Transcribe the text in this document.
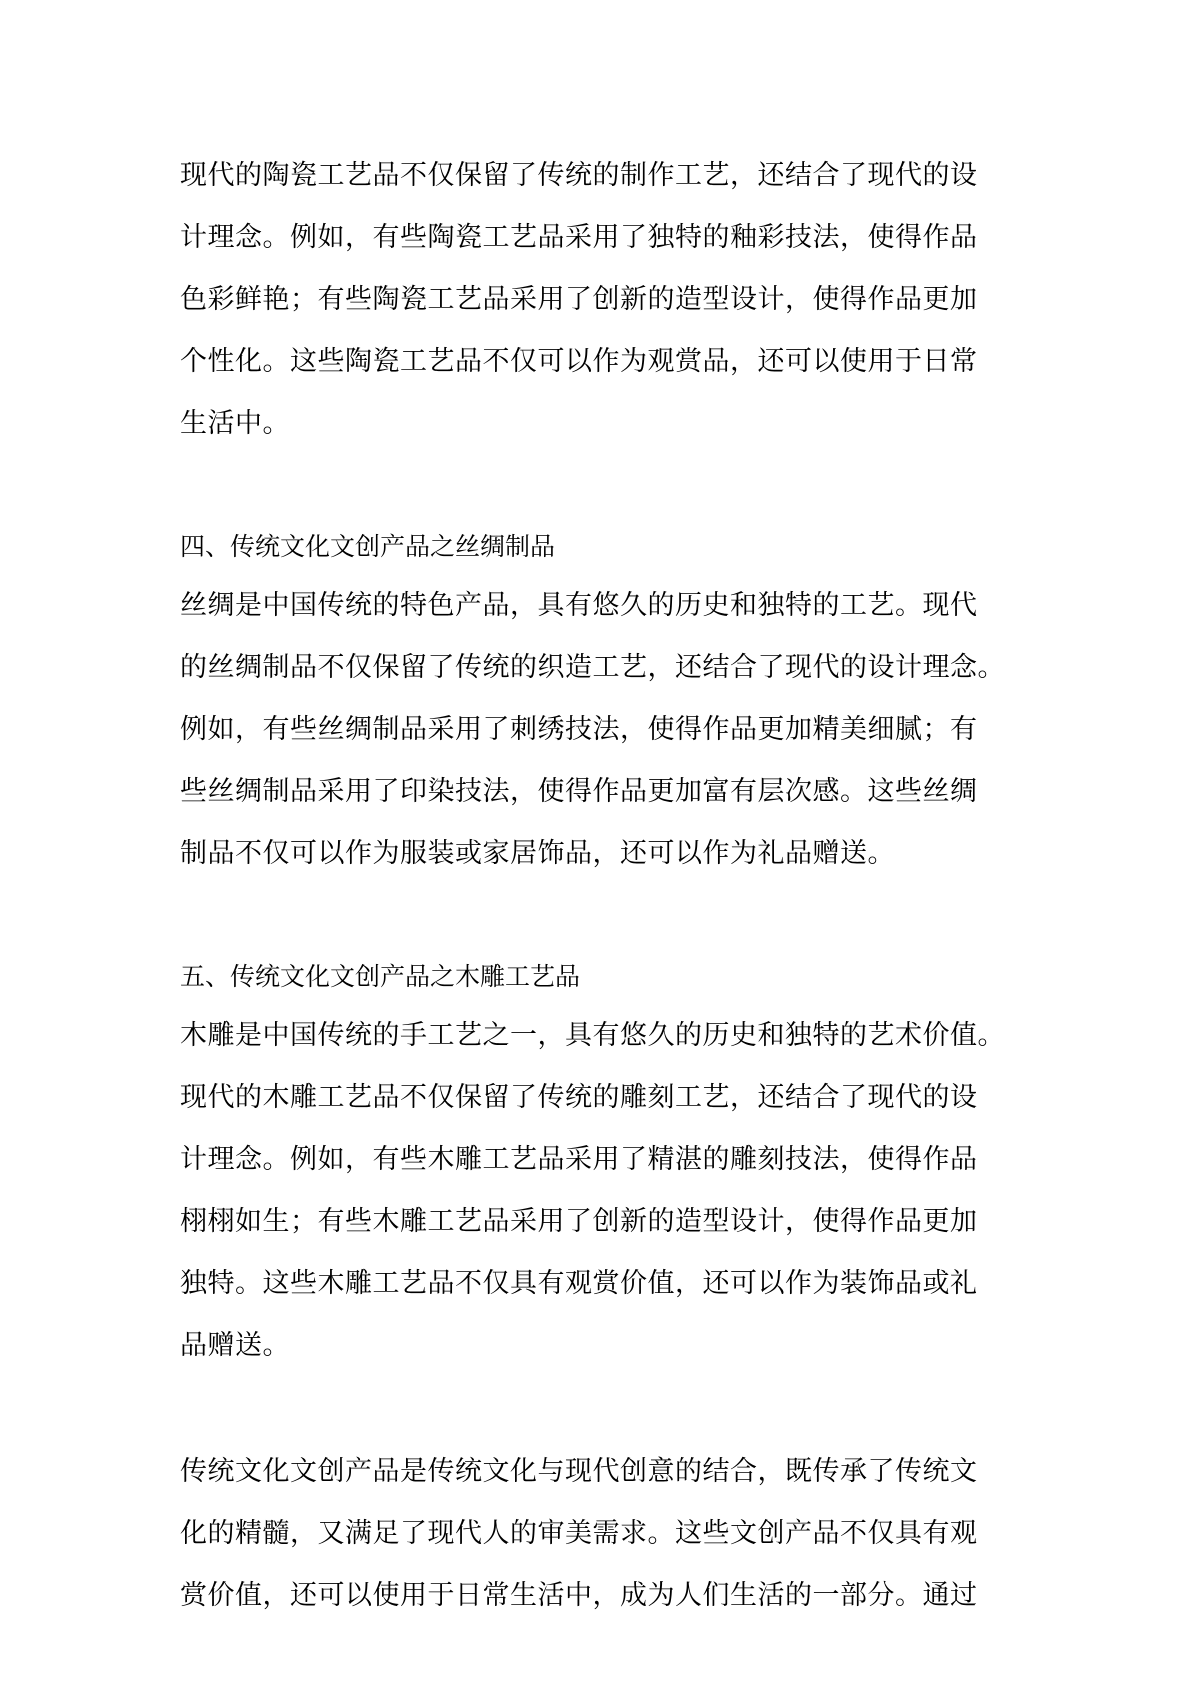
现代的陶瓷工艺品不仅保留了传统的制作工艺，还结合了现代的设
计理念。例如，有些陶瓷工艺品采用了独特的釉彩技法，使得作品
色彩鲜艳；有些陶瓷工艺品采用了创新的造型设计，使得作品更加
个性化。这些陶瓷工艺品不仅可以作为观赏品，还可以使用于日常
生活中。
四、传统文化文创产品之丝绸制品
丝绸是中国传统的特色产品，具有悠久的历史和独特的工艺。现代
的丝绸制品不仅保留了传统的织造工艺，还结合了现代的设计理念。
例如，有些丝绸制品采用了刺绣技法，使得作品更加精美细腻；有
些丝绸制品采用了印染技法，使得作品更加富有层次感。这些丝绸
制品不仅可以作为服装或家居饰品，还可以作为礼品赠送。
五、传统文化文创产品之木雕工艺品
木雕是中国传统的手工艺之一，具有悠久的历史和独特的艺术价值。
现代的木雕工艺品不仅保留了传统的雕刻工艺，还结合了现代的设
计理念。例如，有些木雕工艺品采用了精湛的雕刻技法，使得作品
栩栩如生；有些木雕工艺品采用了创新的造型设计，使得作品更加
独特。这些木雕工艺品不仅具有观赏价值，还可以作为装饰品或礼
品赠送。
传统文化文创产品是传统文化与现代创意的结合，既传承了传统文
化的精髓，又满足了现代人的审美需求。这些文创产品不仅具有观
赏价值，还可以使用于日常生活中，成为人们生活的一部分。通过
